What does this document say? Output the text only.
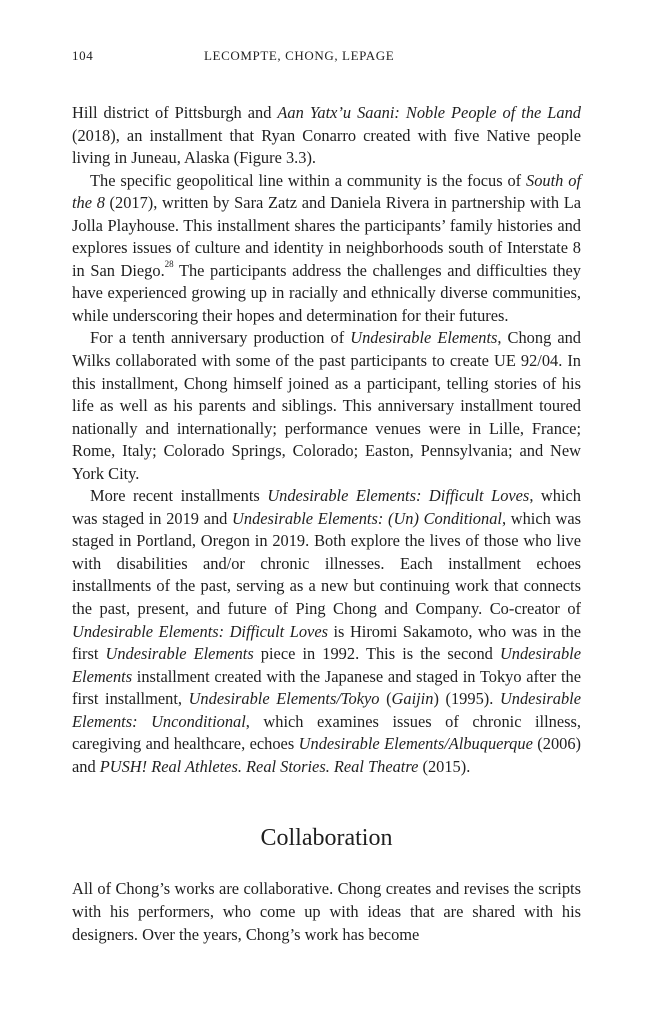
104	LECOMPTE, CHONG, LEPAGE

Hill district of Pittsburgh and Aan Yatx’u Saani: Noble People of the Land (2018), an installment that Ryan Conarro created with five Native people living in Juneau, Alaska (Figure 3.3).

The specific geopolitical line within a community is the focus of South of the 8 (2017), written by Sara Zatz and Daniela Rivera in partnership with La Jolla Playhouse. This installment shares the participants’ family histories and explores issues of culture and identity in neighborhoods south of Interstate 8 in San Diego.$^{28}$ The participants address the challenges and difficulties they have experienced growing up in racially and ethnically diverse communities, while underscoring their hopes and determination for their futures.

For a tenth anniversary production of Undesirable Elements, Chong and Wilks collaborated with some of the past participants to create UE 92/04. In this installment, Chong himself joined as a participant, telling stories of his life as well as his parents and siblings. This anniversary installment toured nationally and internationally; performance venues were in Lille, France; Rome, Italy; Colorado Springs, Colorado; Easton, Pennsylvania; and New York City.

More recent installments Undesirable Elements: Difficult Loves, which was staged in 2019 and Undesirable Elements: (Un) Conditional, which was staged in Portland, Oregon in 2019. Both explore the lives of those who live with disabilities and/or chronic illnesses. Each installment echoes installments of the past, serving as a new but continuing work that connects the past, present, and future of Ping Chong and Company. Co-creator of Undesirable Elements: Difficult Loves is Hiromi Sakamoto, who was in the first Undesirable Elements piece in 1992. This is the second Undesirable Elements installment created with the Japanese and staged in Tokyo after the first installment, Undesirable Elements/Tokyo (Gaijin) (1995). Undesirable Elements: Unconditional, which examines issues of chronic illness, caregiving and healthcare, echoes Undesirable Elements/Albuquerque (2006) and PUSH! Real Athletes. Real Stories. Real Theatre (2015).

Collaboration

All of Chong’s works are collaborative. Chong creates and revises the scripts with his performers, who come up with ideas that are shared with his designers. Over the years, Chong’s work has become
